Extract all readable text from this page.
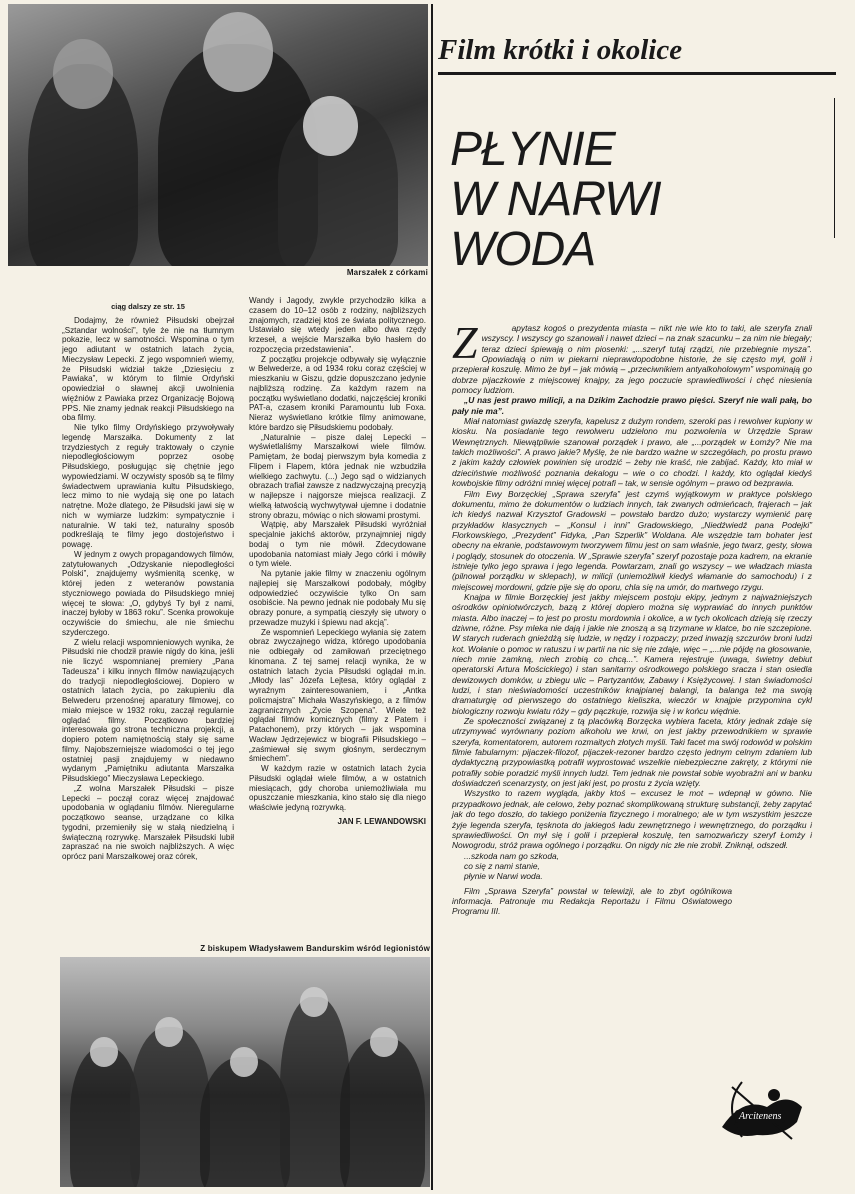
Marszałek z córkami

ciąg dalszy ze str. 15

Dodajmy, że również Piłsudski obejrzał „Sztandar wolności”, tyle że nie na tłumnym pokazie, lecz w samotności. Wspomina o tym jego adiutant w ostatnich latach życia, Mieczysław Lepecki. Z jego wspomnień wiemy, że Piłsudski widział także „Dziesięciu z Pawiaka”, w którym to filmie Ordyński opowiedział o sławnej akcji uwolnienia więźniów z Pawiaka przez Organizację Bojową PPS. Nie znamy jednak reakcji Piłsudskiego na oba filmy.

Nie tylko filmy Ordyńskiego przywoływały legendę Marszałka. Dokumenty z lat trzydziestych z reguły traktowały o czynie niepodległościowym poprzez osobę Piłsudskiego, posługując się chętnie jego wypowiedziami. W oczywisty sposób są te filmy świadectwem uprawiania kultu Piłsudskiego, lecz mimo to nie wydają się one po latach natrętne. Może dlatego, że Piłsudski jawi się w nich w wymiarze ludzkim: sympatycznie i naturalnie. W taki też, naturalny sposób podkreślają te filmy jego dostojeństwo i powagę.

W jednym z owych propagandowych filmów, zatytułowanych „Odzyskanie niepodległości Polski”, znajdujemy wyśmienitą scenkę, w której jeden z weteranów powstania styczniowego powiada do Piłsudskiego mniej więcej te słowa: „O, gdybyś Ty był z nami, inaczej byłoby w 1863 roku”. Scenka prowokuje oczywiście do śmiechu, ale nie śmiechu szyderczego.

Z wielu relacji wspomnieniowych wynika, że Piłsudski nie chodził prawie nigdy do kina, jeśli nie liczyć wspomnianej premiery „Pana Tadeusza” i kilku innych filmów nawiązujących do tradycji niepodległościowej. Dopiero w ostatnich latach życia, po zakupieniu dla Belwederu przenośnej aparatury filmowej, co miało miejsce w 1932 roku, zaczął regularnie oglądać filmy. Początkowo bardziej interesowała go strona techniczna projekcji, a dopiero potem namiętnością stały się same filmy. Najobszerniejsze wiadomości o tej jego ostatniej pasji znajdujemy w niedawno wydanym „Pamiętniku adiutanta Marszałka Piłsudskiego” Mieczysława Lepeckiego.

„Z wolna Marszałek Piłsudski – pisze Lepecki – począł coraz więcej znajdować upodobania w oglądaniu filmów. Nieregularne początkowo seanse, urządzane co kilka tygodni, przemieniły się w stałą niedzielną i świąteczną rozrywkę. Marszałek Piłsudski lubił zapraszać na nie swoich najbliższych. A więc oprócz pani Marszałkowej oraz córek,

Wandy i Jagody, zwykle przychodziło kilka a czasem do 10–12 osób z rodziny, najbliższych znajomych, rzadziej ktoś ze świata politycznego. Ustawiało się wtedy jeden albo dwa rzędy krzeseł, a wejście Marszałka było hasłem do rozpoczęcia przedstawienia”.

Z początku projekcje odbywały się wyłącznie w Belwederze, a od 1934 roku coraz częściej w mieszkaniu w Giszu, gdzie dopuszczano jedynie najbliższą rodzinę. Za każdym razem na początku wyświetlano dodatki, najczęściej kroniki PAT-a, czasem kroniki Paramountu lub Foxa. Nieraz wyświetlano krótkie filmy animowane, które bardzo się Piłsudskiemu podobały.

„Naturalnie – pisze dalej Lepecki – wyświetlaliśmy Marszałkowi wiele filmów. Pamiętam, że bodaj pierwszym była komedia z Flipem i Flapem, która jednak nie wzbudziła wielkiego zachwytu. (...) Jego sąd o widzianych obrazach trafiał zawsze z nadzwyczajną precyzją w najlepsze i najgorsze miejsca realizacji. Z wielką łatwością wychwytywał ujemne i dodatnie strony obrazu, mówiąc o nich słowami prostymi.

Wątpię, aby Marszałek Piłsudski wyróżniał specjalnie jakichś aktorów, przynajmniej nigdy bodaj o tym nie mówił. Zdecydowane upodobania natomiast miały Jego córki i mówiły o tym wiele.

Na pytanie jakie filmy w znaczeniu ogólnym najlepiej się Marszałkowi podobały, mógłby odpowiedzieć oczywiście tylko On sam osobiście. Na pewno jednak nie podobały Mu się obrazy ponure, a sympatią cieszyły się utwory o przewadze muzyki i śpiewu nad akcją”.

Ze wspomnień Lepeckiego wyłania się zatem obraz zwyczajnego widza, którego upodobania nie odbiegały od zamiłowań przeciętnego kinomana. Z tej samej relacji wynika, że w ostatnich latach życia Piłsudski oglądał m.in. „Młody las” Józefa Lejtesa, który oglądał z wyraźnym zainteresowaniem, i „Antka policmajstra” Michała Waszyńskiego, a z filmów zagranicznych „Życie Szopena”. Wiele też oglądał filmów komicznych (filmy z Patem i Patachonem), przy których – jak wspomina Wacław Jędrzejewicz w biografii Piłsudskiego – „zaśmiewał się swym głośnym, serdecznym śmiechem”.

W każdym razie w ostatnich latach życia Piłsudski oglądał wiele filmów, a w ostatnich miesiącach, gdy choroba uniemożliwiała mu opuszczanie mieszkania, kino stało się dla niego właściwie jedyną rozrywką.

JAN F. LEWANDOWSKI

Z biskupem Władysławem Bandurskim wśród legionistów
Film krótki i okolice
PŁYNIE
W NARWI
WODA

Z	apytasz kogoś o prezydenta miasta – nikt nie wie kto to taki, ale szeryfa znali wszyscy. I wszyscy go szanowali i nawet dzieci – na znak szacunku – za nim nie biegały; teraz dzieci śpiewają o nim piosenki: „...szeryf tutaj rządzi, nie przebiegnie mysza”. Opowiadają o nim w piekarni nieprawdopodobne historie, że się często mył, golił i przepierał koszulę. Mimo że był – jak mówią – „przeciwnikiem antyalkoholowym” wspominają go dobrze pijaczkowie z miejscowej knajpy, za jego poczucie sprawiedliwości i chęć niesienia pomocy ludziom.

„U nas jest prawo milicji, a na Dzikim Zachodzie prawo pięści. Szeryf nie wali pałą, bo pały nie ma”.

Miał natomiast gwiazdę szeryfa, kapelusz z dużym rondem, szeroki pas i rewolwer kupiony w kiosku. Na posiadanie tego rewolweru udzielono mu pozwolenia w Urzędzie Spraw Wewnętrznych. Niewątpliwie szanował porządek i prawo, ale „...porządek w Łomży? Nie ma takich możliwości”. A prawo jakie? Myślę, że nie bardzo ważne w szczegółach, po prostu prawo z jakim każdy człowiek powinien się urodzić – żeby nie kraść, nie zabijać. Każdy, kto miał w dzieciństwie możliwość poznania dekalogu – wie o co chodzi. I każdy, kto oglądał kiedyś kowbojskie filmy odróżni mniej więcej potrafi – tak, w sensie ogólnym – prawo od bezprawia.

Film Ewy Borzęckiej „Sprawa szeryfa” jest czymś wyjątkowym w praktyce polskiego dokumentu, mimo że dokumentów o ludziach innych, tak zwanych odmieńcach, frajerach – jak ich kiedyś nazwał Krzysztof Gradowski – powstało bardzo dużo; wystarczy wymienić parę przykładów klasycznych – „Konsul i inni” Gradowskiego, „Niedźwiedź pana Podejki” Florkowskiego, „Prezydent” Fidyka, „Pan Szperlik” Woldana. Ale wszędzie tam bohater jest obecny na ekranie, podstawowym tworzywem filmu jest on sam właśnie, jego twarz, gesty, słowa i poglądy, stosunek do otoczenia. W „Sprawie szeryfa” szeryf pozostaje poza kadrem, na ekranie istnieje tylko jego sprawa i jego legenda. Powtarzam, znali go wszyscy – we władzach miasta (pilnował porządku w sklepach), w milicji (uniemożliwił kiedyś włamanie do samochodu) i z miejscowej mordowni, gdzie pije się do oporu, chla się na umór, do martwego rzygu.

Knajpa w filmie Borzęckiej jest jakby miejscem postoju ekipy, jednym z najważniejszych ośrodków opiniotwórczych, bazą z której dopiero można się wyprawiać do innych punktów miasta. Albo inaczej – to jest po prostu mordownia i okolice, a w tych okolicach dzieją się rzeczy dziwne, różne. Psy mleka nie dają i jakie nie znoszą a są trzymane w klatce, bo nie szczepione. W starych ruderach gnieżdżą się ludzie, w nędzy i rozpaczy; przed inwazją szczurów broni ludzi kot. Wołanie o pomoc w ratuszu i w partii na nic się nie zdaje, więc – „...nie pójdę na głosowanie, niech mnie zamkną, niech zrobią co chcą...”. Kamera rejestruje (uwaga, świetny debiut operatorski Artura Mościckiego) i stan sanitarny ośrodkowego polskiego sracza i stan osiedla dewizowych domków, u zbiegu ulic – Partyzantów, Zabawy i Księżycowej. I stan świadomości ludzi, i stan nieświadomości uczestników knajpianej balangi, ta balanga też ma swoją dramaturgię od pierwszego do ostatniego kieliszka, wieczór w knajpie przypomina cykl biologiczny rozwoju kwiatu róży – gdy pączkuje, rozwija się i w końcu więdnie.

Ze społeczności związanej z tą placówką Borzęcka wybiera faceta, który jednak zdaje się utrzymywać wyrównany poziom alkoholu we krwi, on jest jakby przewodnikiem w sprawie szeryfa, komentatorem, autorem rozmaitych złotych myśli. Taki facet ma swój rodowód w polskim filmie fabularnym: pijaczek-filozof, pijaczek-rezoner bardzo często jednym celnym zdaniem lub dydaktyczną przypowiastką potrafił wyprostować wszelkie niebezpieczne zakręty, z którymi nie potrafiły sobie poradzić myśli innych ludzi. Tem jednak nie powstał sobie wyobraźni ani w banku doświadczeń scenarzysty, on jest jaki jest, po prostu z życia wzięty.

Wszystko to razem wygląda, jakby ktoś – excusez le mot – wdepnął w gówno. Nie przypadkowo jednak, ale celowo, żeby poznać skomplikowaną strukturę substancji, żeby zapytać jak do tego doszło, do takiego poniżenia fizycznego i moralnego; ale w tym wszystkim jeszcze żyje legenda szeryfa, tęsknota do jakiegoś ładu zewnętrznego i wewnętrznego, do porządku i sprawiedliwości. On mył się i golił i przepierał koszulę, ten samozwańczy szeryf Łomży i Nowogrodu, stróż prawa ogólnego i porządku. On nigdy nic złe nie zrobił. Zniknął, odszedł.

...szkoda nam go szkoda,

co się z nami stanie,

płynie w Narwi woda.

Film „Sprawa Szeryfa” powstał w telewizji, ale to zbyt ogólnikowa informacja. Patronuje mu Redakcja Reportażu i Filmu Oświatowego Programu III.

Arcitenens
